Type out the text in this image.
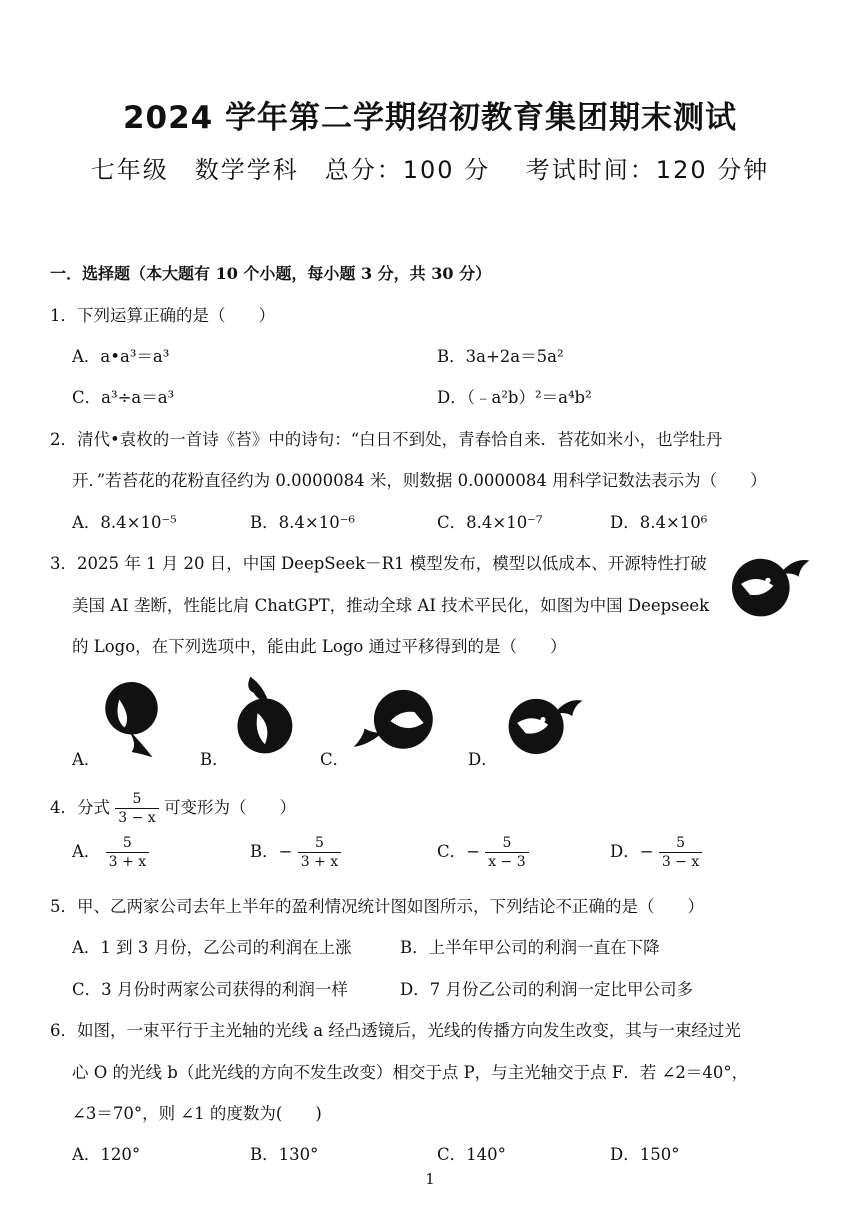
2024 学年第二学期绍初教育集团期末测试
七年级　数学学科　总分：100 分　 考试时间：120 分钟
一．选择题（本大题有 10 个小题，每小题 3 分，共 30 分）
1．下列运算正确的是（　　）
A．a•a³＝a³	B．3a+2a＝5a²
C．a³÷a＝a³	D．（﹣a²b）²＝a⁴b²
2．清代•袁枚的一首诗《苔》中的诗句：“白日不到处，青春恰自来．苔花如米小，也学牡丹
开．”若苔花的花粉直径约为 0.0000084 米，则数据 0.0000084 用科学记数法表示为（　　）
A．8.4×10⁻⁵	B．8.4×10⁻⁶	C．8.4×10⁻⁷	D．8.4×10⁶
3．2025 年 1 月 20 日，中国 DeepSeek－R1 模型发布，模型以低成本、开源特性打破
美国 AI 垄断，性能比肩 ChatGPT，推动全球 AI 技术平民化，如图为中国 Deepseek
的 Logo，在下列选项中，能由此 Logo 通过平移得到的是（　　）
A．	B．	C．	D．
4．分式 $\frac{5}{3 - x}$ 可变形为（　　）
A． $\frac{5}{3 + x}$	B．− $\frac{5}{3 + x}$	C．− $\frac{5}{x - 3}$	D．− $\frac{5}{3 - x}$
5．甲、乙两家公司去年上半年的盈利情况统计图如图所示，下列结论不正确的是（　　）
A．1 到 3 月份，乙公司的利润在上涨	B．上半年甲公司的利润一直在下降
C．3 月份时两家公司获得的利润一样	D．7 月份乙公司的利润一定比甲公司多
6．如图，一束平行于主光轴的光线 a 经凸透镜后，光线的传播方向发生改变，其与一束经过光
心 O 的光线 b（此光线的方向不发生改变）相交于点 P，与主光轴交于点 F．若 ∠2＝40°，
∠3＝70°，则 ∠1 的度数为(　　)
A．120°	B．130°	C．140°	D．150°
1
